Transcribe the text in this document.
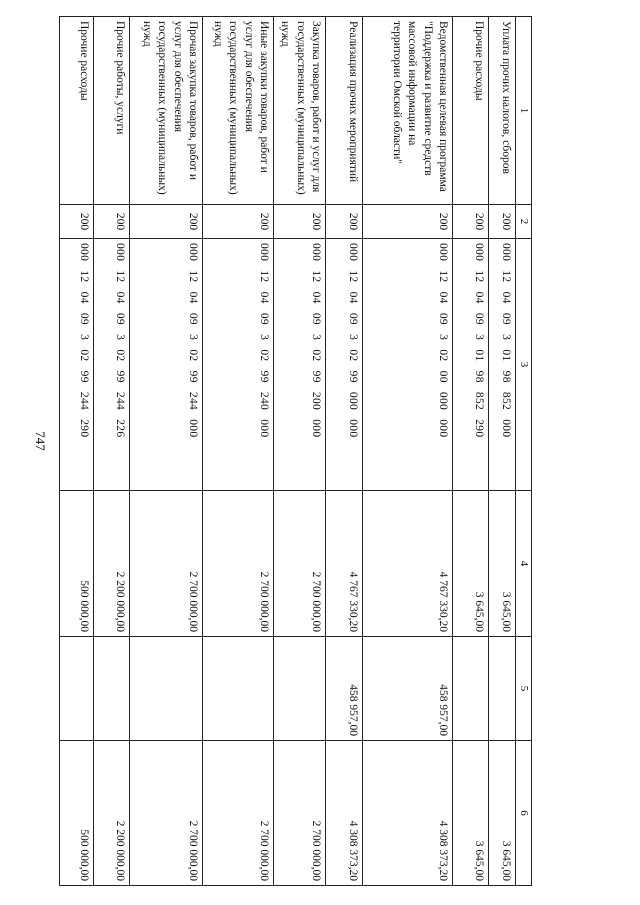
747
1	2	3	4	5	6
Уплата прочих налогов, сборов	200	000 12 04 09 3 01 98 852 000	3 645,00		3 645,00
Прочие расходы	200	000 12 04 09 3 01 98 852 290	3 645,00		3 645,00
Ведомственная целевая программа "Поддержка и развитие средств массовой информации на территории Омской области"	200	000 12 04 09 3 02 00 000 000	4 767 330,20	458 957,00	4 308 373,20
Реализация прочих мероприятий	200	000 12 04 09 3 02 99 000 000	4 767 330,20	458 957,00	4 308 373,20
Закупка товаров, работ и услуг для государственных (муниципальных) нужд	200	000 12 04 09 3 02 99 200 000	2 700 000,00		2 700 000,00
Иные закупки товаров, работ и услуг для обеспечения государственных (муниципальных) нужд	200	000 12 04 09 3 02 99 240 000	2 700 000,00		2 700 000,00
Прочая закупка товаров, работ и услуг для обеспечения государственных (муниципальных) нужд	200	000 12 04 09 3 02 99 244 000	2 700 000,00		2 700 000,00
Прочие работы, услуги	200	000 12 04 09 3 02 99 244 226	2 200 000,00		2 200 000,00
Прочие расходы	200	000 12 04 09 3 02 99 244 290	500 000,00		500 000,00
